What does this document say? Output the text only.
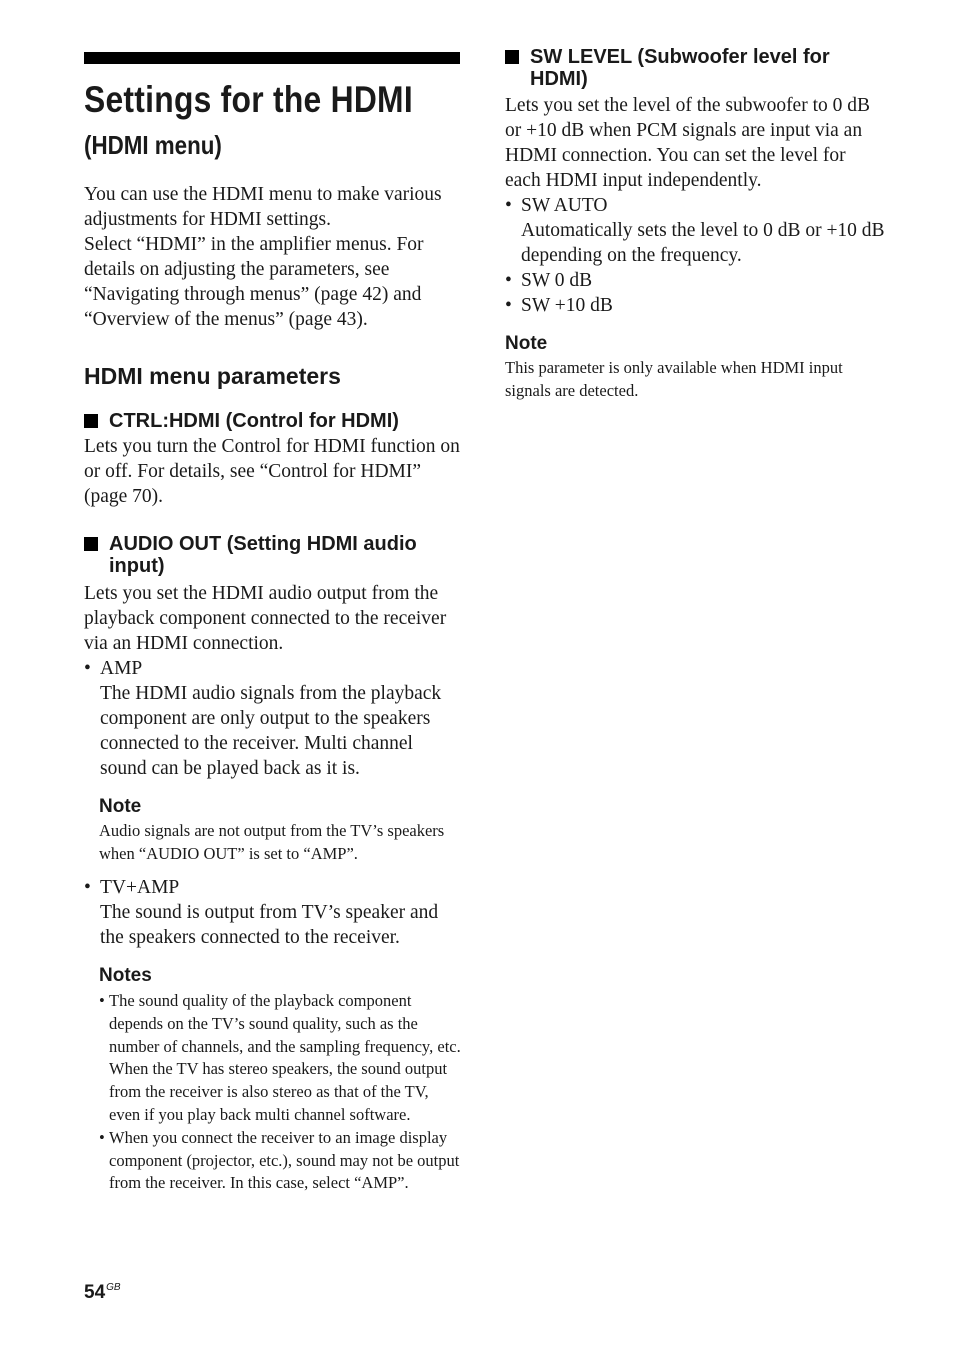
Settings for the HDMI
(HDMI menu)

You can use the HDMI menu to make various adjustments for HDMI settings.

Select “HDMI” in the amplifier menus. For details on adjusting the parameters, see “Navigating through menus” (page 42) and “Overview of the menus” (page 43).

HDMI menu parameters
CTRL:HDMI (Control for HDMI)

Lets you turn the Control for HDMI function on or off. For details, see “Control for HDMI” (page 70).

AUDIO OUT (Setting HDMI audio input)

Lets you set the HDMI audio output from the playback component connected to the receiver via an HDMI connection.

• AMP
The HDMI audio signals from the playback component are only output to the speakers connected to the receiver. Multi channel sound can be played back as it is.
Note
Audio signals are not output from the TV’s speakers when “AUDIO OUT” is set to “AMP”.
• TV+AMP
The sound is output from TV’s speaker and the speakers connected to the receiver.
Notes
• The sound quality of the playback component depends on the TV’s sound quality, such as the number of channels, and the sampling frequency, etc. When the TV has stereo speakers, the sound output from the receiver is also stereo as that of the TV, even if you play back multi channel software.
• When you connect the receiver to an image display component (projector, etc.), sound may not be output from the receiver. In this case, select “AMP”.
SW LEVEL (Subwoofer level for HDMI)

Lets you set the level of the subwoofer to 0 dB or +10 dB when PCM signals are input via an HDMI connection. You can set the level for each HDMI input independently.

• SW AUTO
Automatically sets the level to 0 dB or +10 dB depending on the frequency.
• SW 0 dB
• SW +10 dB
Note
This parameter is only available when HDMI input signals are detected.
$54^{GB}$
